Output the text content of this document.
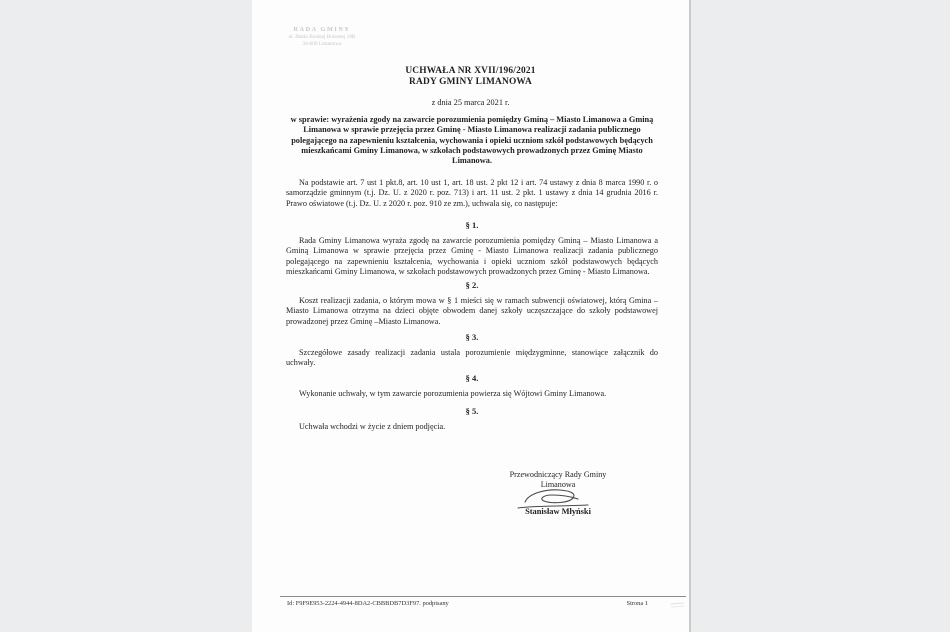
RADA GMINY
ul. Matki Boskiej Bolesnej 18B
34-600 Limanowa
UCHWAŁA NR XVII/196/2021
RADY GMINY LIMANOWA
z dnia 25 marca 2021 r.
w sprawie: wyrażenia zgody na zawarcie porozumienia pomiędzy Gminą – Miasto Limanowa a Gminą Limanowa w sprawie przejęcia przez Gminę - Miasto Limanowa realizacji zadania publicznego polegającego na zapewnieniu kształcenia, wychowania i opieki uczniom szkół podstawowych będących mieszkańcami Gminy Limanowa, w szkołach podstawowych prowadzonych przez Gminę Miasto Limanowa.
Na podstawie art. 7 ust 1 pkt.8, art. 10 ust 1, art. 18 ust. 2 pkt 12 i art. 74 ustawy z dnia 8 marca 1990 r. o samorządzie gminnym (t.j. Dz. U. z 2020 r. poz. 713) i art. 11 ust. 2 pkt. 1 ustawy z dnia 14 grudnia 2016 r. Prawo oświatowe (t.j. Dz. U. z 2020 r. poz. 910 ze zm.), uchwala się, co następuje:
§ 1.
Rada Gminy Limanowa wyraża zgodę na zawarcie porozumienia pomiędzy Gminą – Miasto Limanowa a Gminą Limanowa w sprawie przejęcia przez Gminę - Miasto Limanowa realizacji zadania publicznego polegającego na zapewnieniu kształcenia, wychowania i opieki uczniom szkół podstawowych będących mieszkańcami Gminy Limanowa, w szkołach podstawowych prowadzonych przez Gminę - Miasto Limanowa.
§ 2.
Koszt realizacji zadania, o którym mowa w § 1 mieści się w ramach subwencji oświatowej, którą Gmina – Miasto Limanowa otrzyma na dzieci objęte obwodem danej szkoły uczęszczające do szkoły podstawowej prowadzonej przez Gminę –Miasto Limanowa.
§ 3.
Szczegółowe zasady realizacji zadania ustala porozumienie międzygminne, stanowiące załącznik do uchwały.
§ 4.
Wykonanie uchwały, w tym zawarcie porozumienia powierza się Wójtowi Gminy Limanowa.
§ 5.
Uchwała wchodzi w życie z dniem podjęcia.
Przewodniczący Rady Gminy
Limanowa
Stanisław Młyński
Id: F9F9E953-2224-4944-8DA2-CBBBDB7D3F97. podpisany	Strona 1
